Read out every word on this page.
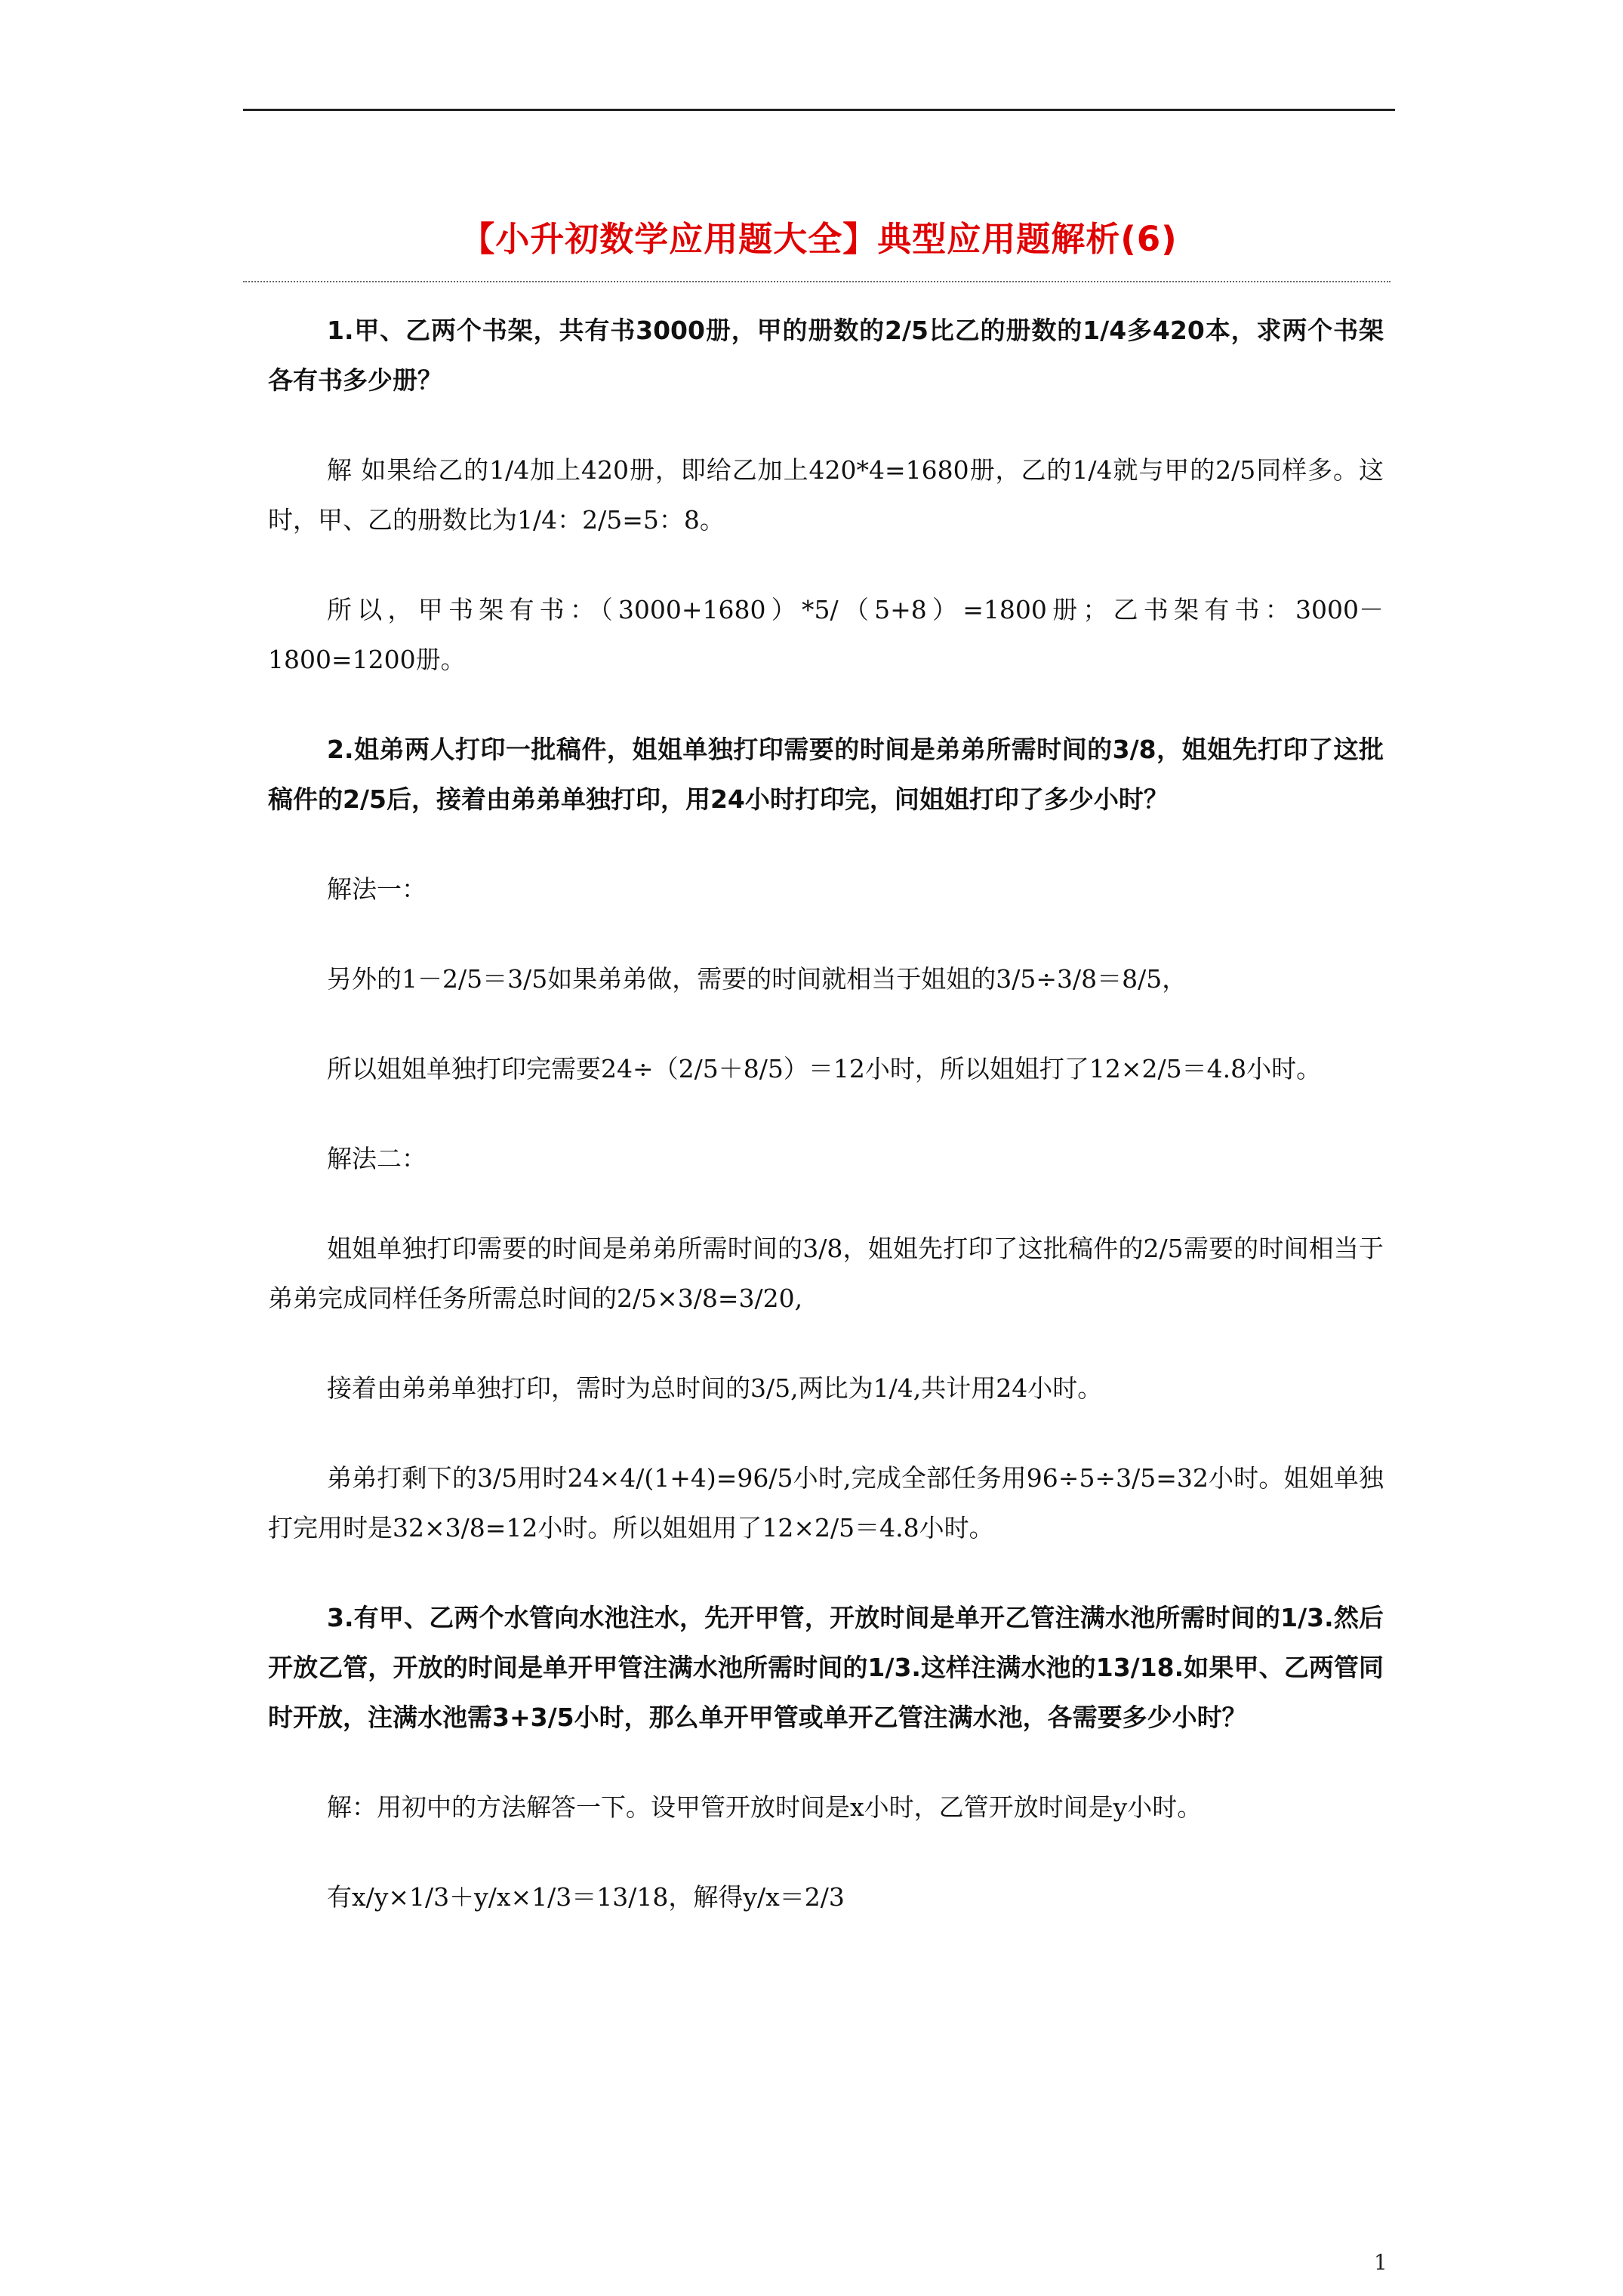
【小升初数学应用题大全】典型应用题解析(6)

1.甲、乙两个书架，共有书3000册，甲的册数的2/5比乙的册数的1/4多420本，求两个书架各有书多少册？

解 如果给乙的1/4加上420册，即给乙加上420*4=1680册，乙的1/4就与甲的2/5同样多。这时，甲、乙的册数比为1/4：2/5=5：8。

所以，甲书架有书：（3000+1680）*5/（5+8）=1800册；乙书架有书：3000－1800=1200册。

2.姐弟两人打印一批稿件，姐姐单独打印需要的时间是弟弟所需时间的3/8，姐姐先打印了这批稿件的2/5后，接着由弟弟单独打印，用24小时打印完，问姐姐打印了多少小时？

解法一：

另外的1－2/5＝3/5如果弟弟做，需要的时间就相当于姐姐的3/5÷3/8＝8/5，

所以姐姐单独打印完需要24÷（2/5＋8/5）＝12小时，所以姐姐打了12×2/5＝4.8小时。

解法二：

姐姐单独打印需要的时间是弟弟所需时间的3/8，姐姐先打印了这批稿件的2/5需要的时间相当于弟弟完成同样任务所需总时间的2/5×3/8=3/20,

接着由弟弟单独打印，需时为总时间的3/5,两比为1/4,共计用24小时。

弟弟打剩下的3/5用时24×4/(1+4)=96/5小时,完成全部任务用96÷5÷3/5=32小时。姐姐单独打完用时是32×3/8=12小时。所以姐姐用了12×2/5＝4.8小时。

3.有甲、乙两个水管向水池注水，先开甲管，开放时间是单开乙管注满水池所需时间的1/3.然后开放乙管，开放的时间是单开甲管注满水池所需时间的1/3.这样注满水池的13/18.如果甲、乙两管同时开放，注满水池需3+3/5小时，那么单开甲管或单开乙管注满水池，各需要多少小时？

解：用初中的方法解答一下。设甲管开放时间是x小时，乙管开放时间是y小时。

有x/y×1/3＋y/x×1/3＝13/18，解得y/x＝2/3

1
